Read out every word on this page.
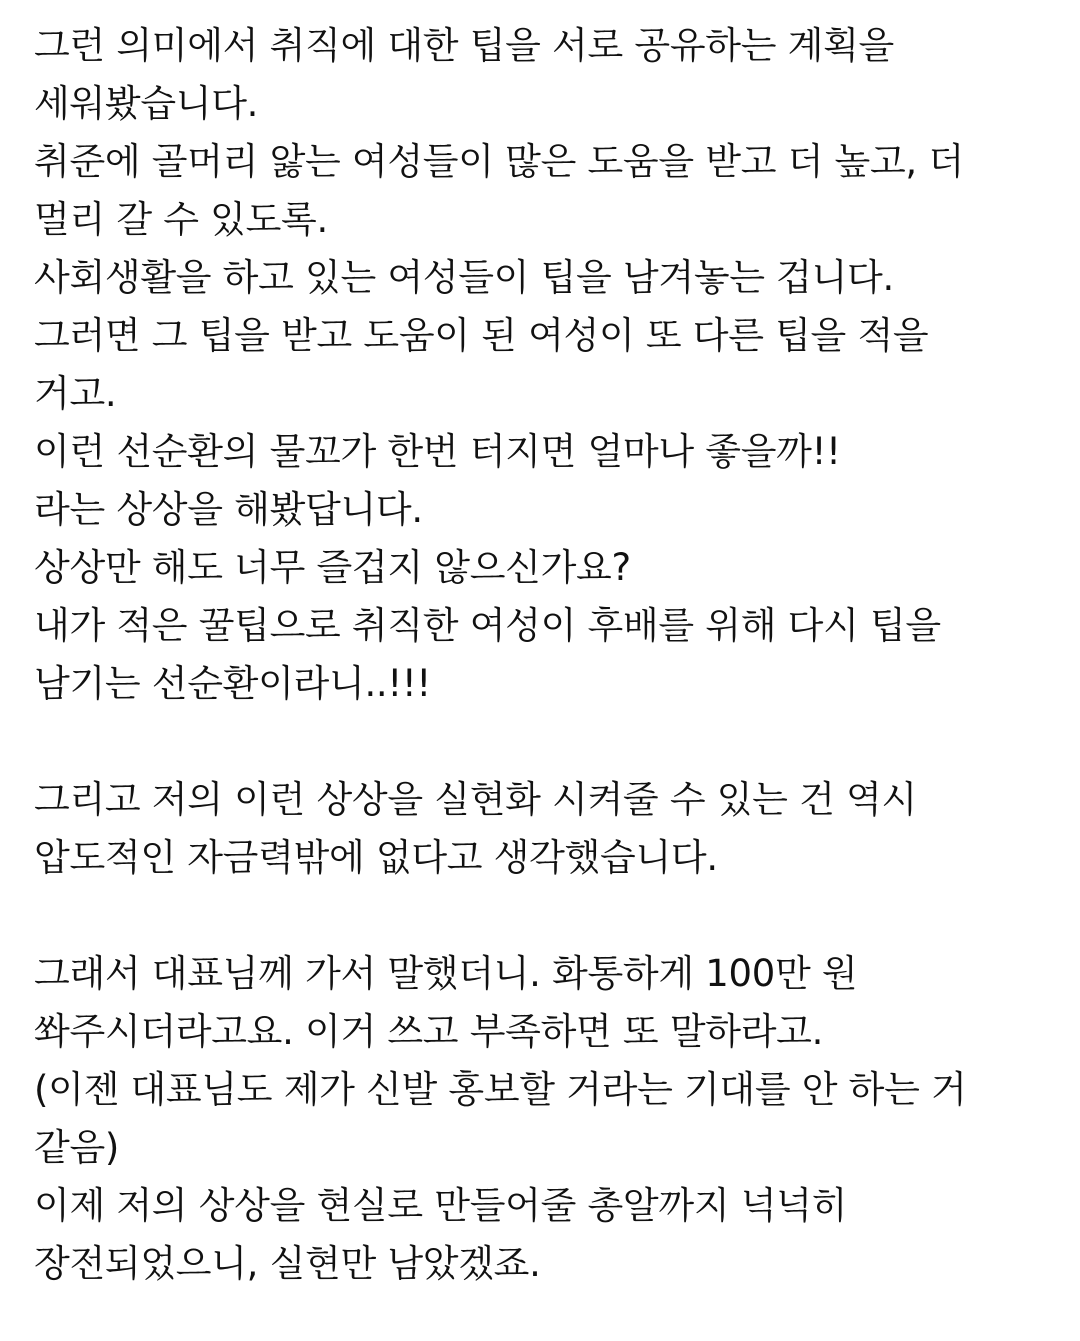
그런 의미에서 취직에 대한 팁을 서로 공유하는 계획을
세워봤습니다.
취준에 골머리 앓는 여성들이 많은 도움을 받고 더 높고, 더
멀리 갈 수 있도록.
사회생활을 하고 있는 여성들이 팁을 남겨놓는 겁니다.
그러면 그 팁을 받고 도움이 된 여성이 또 다른 팁을 적을
거고.
이런 선순환의 물꼬가 한번 터지면 얼마나 좋을까!!
라는 상상을 해봤답니다.
상상만 해도 너무 즐겁지 않으신가요?
내가 적은 꿀팁으로 취직한 여성이 후배를 위해 다시 팁을
남기는 선순환이라니..!!!
그리고 저의 이런 상상을 실현화 시켜줄 수 있는 건 역시
압도적인 자금력밖에 없다고 생각했습니다.
그래서 대표님께 가서 말했더니. 화통하게 100만 원
쏴주시더라고요. 이거 쓰고 부족하면 또 말하라고.
(이젠 대표님도 제가 신발 홍보할 거라는 기대를 안 하는 거
같음)
이제 저의 상상을 현실로 만들어줄 총알까지 넉넉히
장전되었으니, 실현만 남았겠죠.
